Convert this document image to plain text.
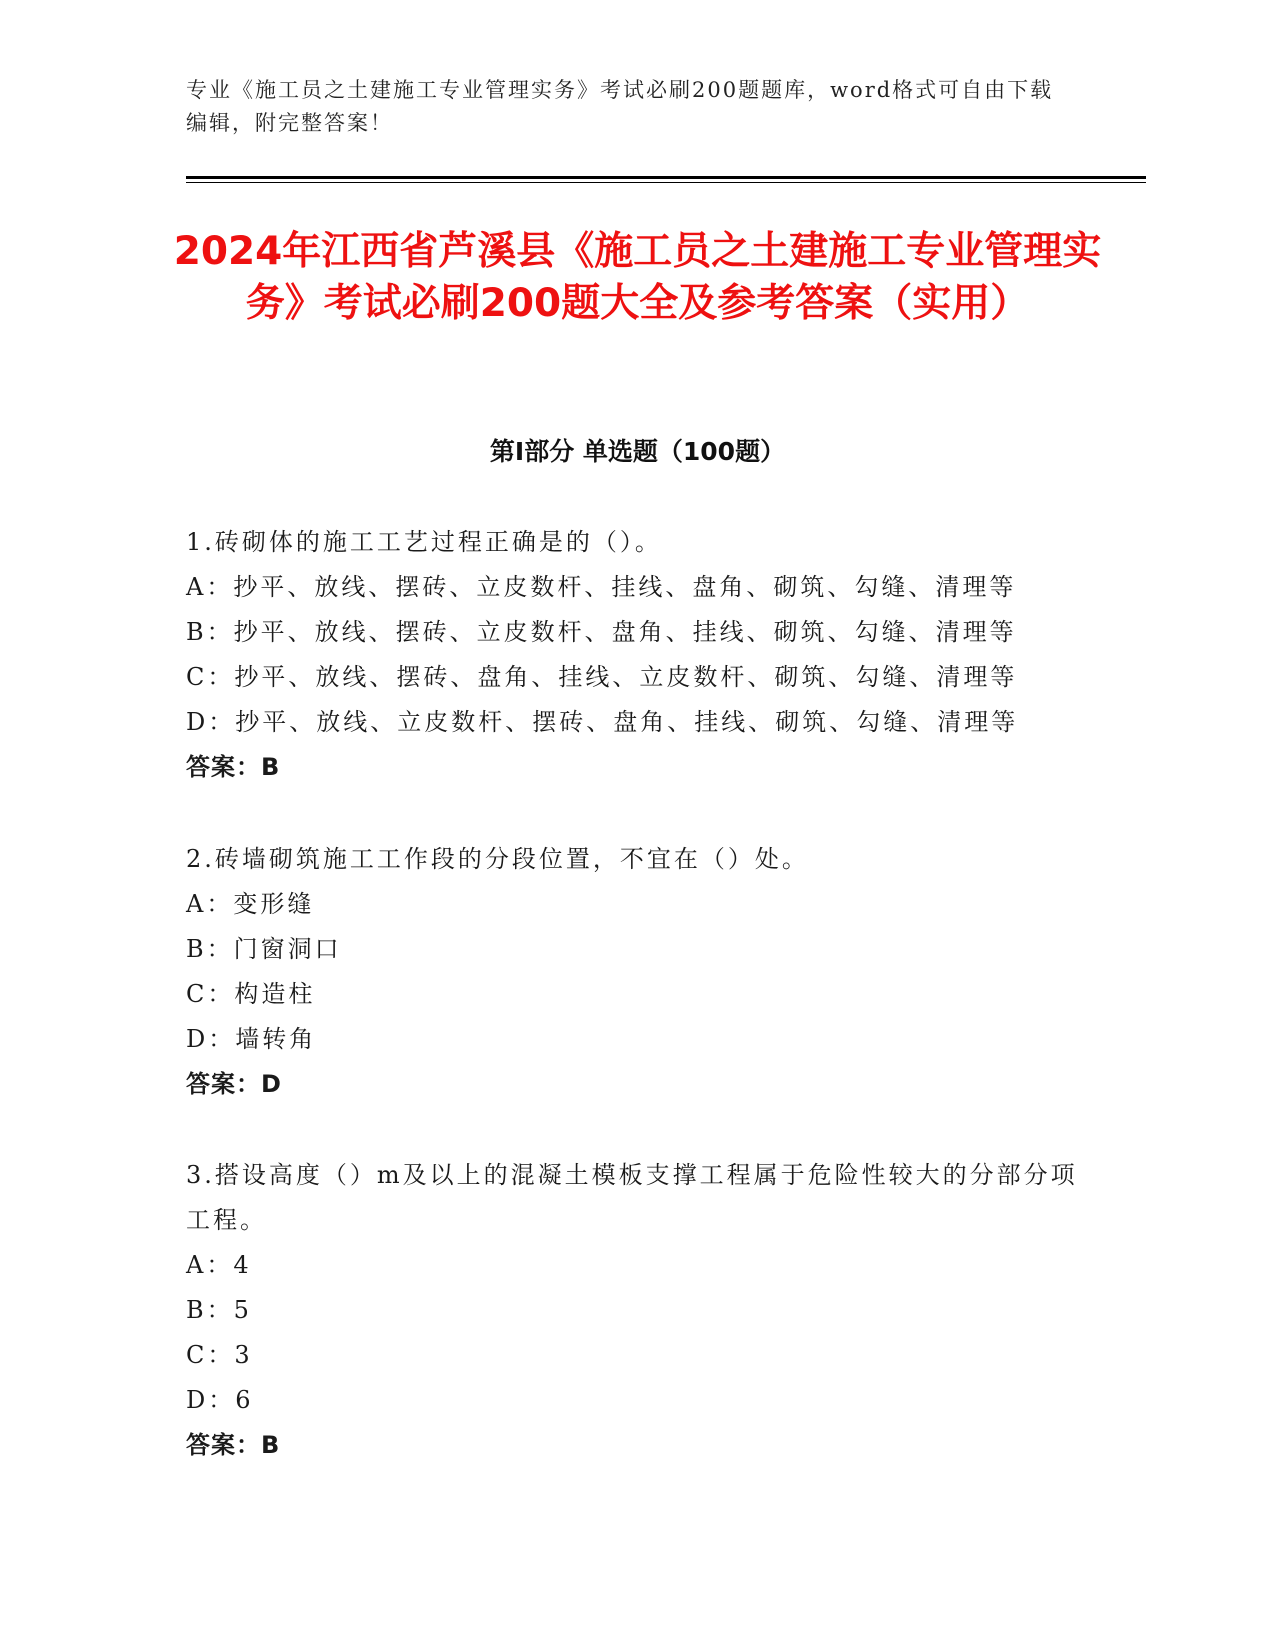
专业《施工员之土建施工专业管理实务》考试必刷200题题库，word格式可自由下载编辑，附完整答案！
2024年江西省芦溪县《施工员之土建施工专业管理实务》考试必刷200题大全及参考答案（实用）
第Ⅰ部分 单选题（100题）
1.砖砌体的施工工艺过程正确是的（）。
A：抄平、放线、摆砖、立皮数杆、挂线、盘角、砌筑、勾缝、清理等
B：抄平、放线、摆砖、立皮数杆、盘角、挂线、砌筑、勾缝、清理等
C：抄平、放线、摆砖、盘角、挂线、立皮数杆、砌筑、勾缝、清理等
D：抄平、放线、立皮数杆、摆砖、盘角、挂线、砌筑、勾缝、清理等
答案：B
2.砖墙砌筑施工工作段的分段位置，不宜在（）处。
A：变形缝
B：门窗洞口
C：构造柱
D：墙转角
答案：D
3.搭设高度（）m及以上的混凝土模板支撑工程属于危险性较大的分部分项工程。
A：4
B：5
C：3
D：6
答案：B
